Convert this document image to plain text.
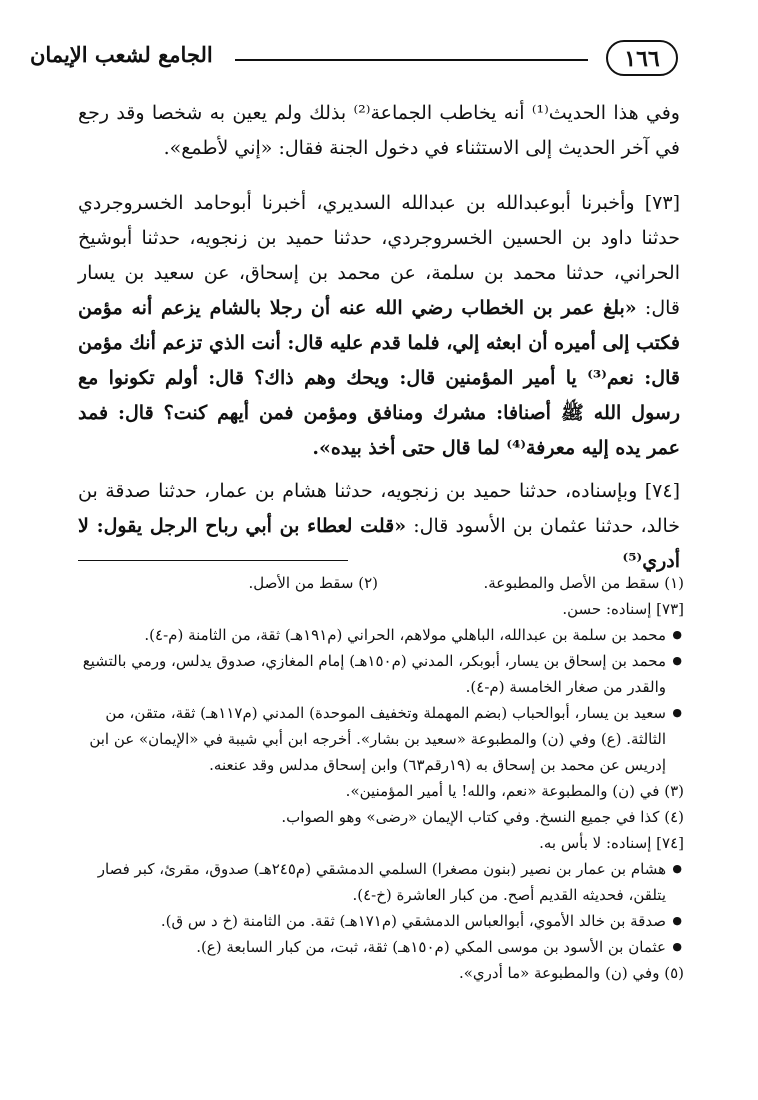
١٦٦
الجامع لشعب الإيمان

وفي هذا الحديث⁽¹⁾ أنه يخاطب الجماعة⁽²⁾ بذلك ولم يعين به شخصا وقد رجع في آخر الحديث إلى الاستثناء في دخول الجنة فقال: «إني لأطمع».

[٧٣] وأخبرنا أبوعبدالله بن عبدالله السديري، أخبرنا أبوحامد الخسروجردي حدثنا داود بن الحسين الخسروجردي، حدثنا حميد بن زنجويه، حدثنا أبوشيخ الحراني، حدثنا محمد بن سلمة، عن محمد بن إسحاق، عن سعيد بن يسار قال: «بلغ عمر بن الخطاب رضي الله عنه أن رجلا بالشام يزعم أنه مؤمن فكتب إلى أميره أن ابعثه إلي، فلما قدم عليه قال: أنت الذي تزعم أنك مؤمن قال: نعم⁽³⁾ يا أمير المؤمنين قال: ويحك وهم ذاك؟ قال: أولم تكونوا مع رسول الله ﷺ أصنافا: مشرك ومنافق ومؤمن فمن أيهم كنت؟ قال: فمد عمر يده إليه معرفة⁽⁴⁾ لما قال حتى أخذ بيده».

[٧٤] وبإسناده، حدثنا حميد بن زنجويه، حدثنا هشام بن عمار، حدثنا صدقة بن خالد، حدثنا عثمان بن الأسود قال: «قلت لعطاء بن أبي رباح الرجل يقول: لا أدري⁽⁵⁾

(١) سقط من الأصل والمطبوعة.
(٢) سقط من الأصل.

[٧٣] إسناده: حسن.

● محمد بن سلمة بن عبدالله، الباهلي مولاهم، الحراني (م١٩١هـ) ثقة، من الثامنة (م-٤).

● محمد بن إسحاق بن يسار، أبوبكر، المدني (م١٥٠هـ) إمام المغازي، صدوق يدلس، ورمي بالتشيع والقدر من صغار الخامسة (م-٤).

● سعيد بن يسار، أبوالحباب (بضم المهملة وتخفيف الموحدة) المدني (م١١٧هـ) ثقة، متقن، من الثالثة. (ع) وفي (ن) والمطبوعة «سعيد بن بشار». أخرجه ابن أبي شيبة في «الإيمان» عن ابن إدريس عن محمد بن إسحاق به (١٩رقم٦٣) وابن إسحاق مدلس وقد عنعنه.

(٣) في (ن) والمطبوعة «نعم، والله! يا أمير المؤمنين».

(٤) كذا في جميع النسخ. وفي كتاب الإيمان «رضى» وهو الصواب.

[٧٤] إسناده: لا بأس به.

● هشام بن عمار بن نصير (بنون مصغرا) السلمي الدمشقي (م٢٤٥هـ) صدوق، مقرئ، كبر فصار يتلقن، فحديثه القديم أصح. من كبار العاشرة (خ-٤).

● صدقة بن خالد الأموي، أبوالعباس الدمشقي (م١٧١هـ) ثقة. من الثامنة (خ د س ق).

● عثمان بن الأسود بن موسى المكي (م١٥٠هـ) ثقة، ثبت، من كبار السابعة (ع).

(٥) وفي (ن) والمطبوعة «ما أدري».
